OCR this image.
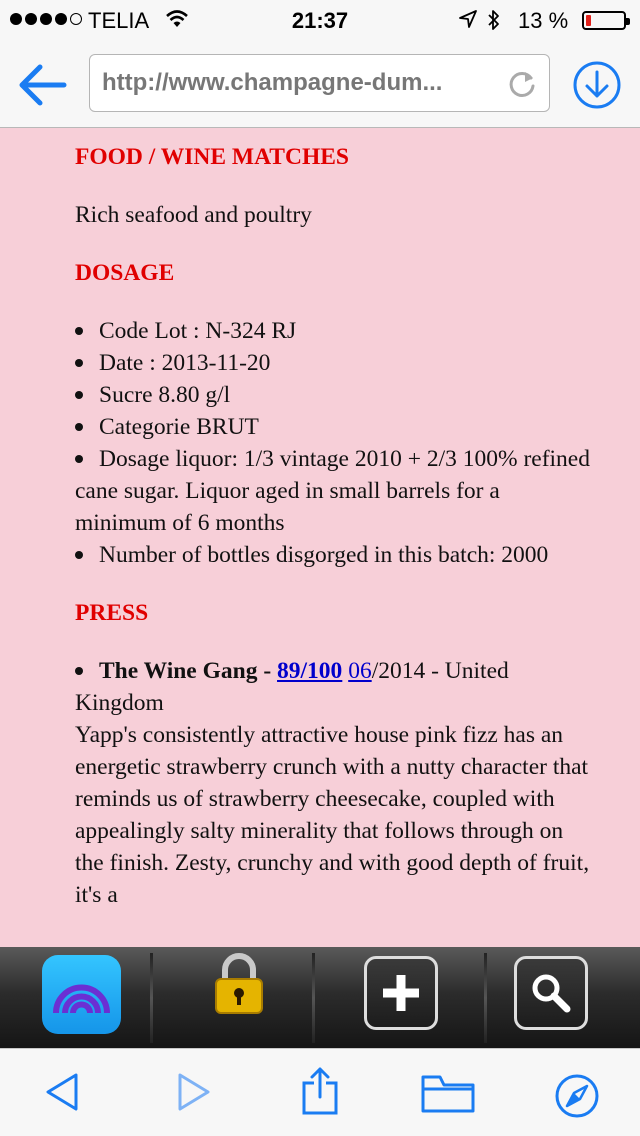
TELIA	21:37	13 %
http://www.champagne-dum...
FOOD / WINE MATCHES

Rich seafood and poultry

DOSAGE
Code Lot : N-324 RJ
Date : 2013-11-20
Sucre 8.80 g/l
Categorie BRUT
Dosage liquor: 1/3 vintage 2010 + 2/3 100% refined cane sugar. Liquor aged in small barrels for a minimum of 6 months
Number of bottles disgorged in this batch: 2000
PRESS
The Wine Gang - 89/100 06/2014 - United Kingdom

Yapp's consistently attractive house pink fizz has an energetic strawberry crunch with a nutty character that reminds us of strawberry cheesecake, coupled with appealingly salty minerality that follows through on the finish. Zesty, crunchy and with good depth of fruit, it's a
